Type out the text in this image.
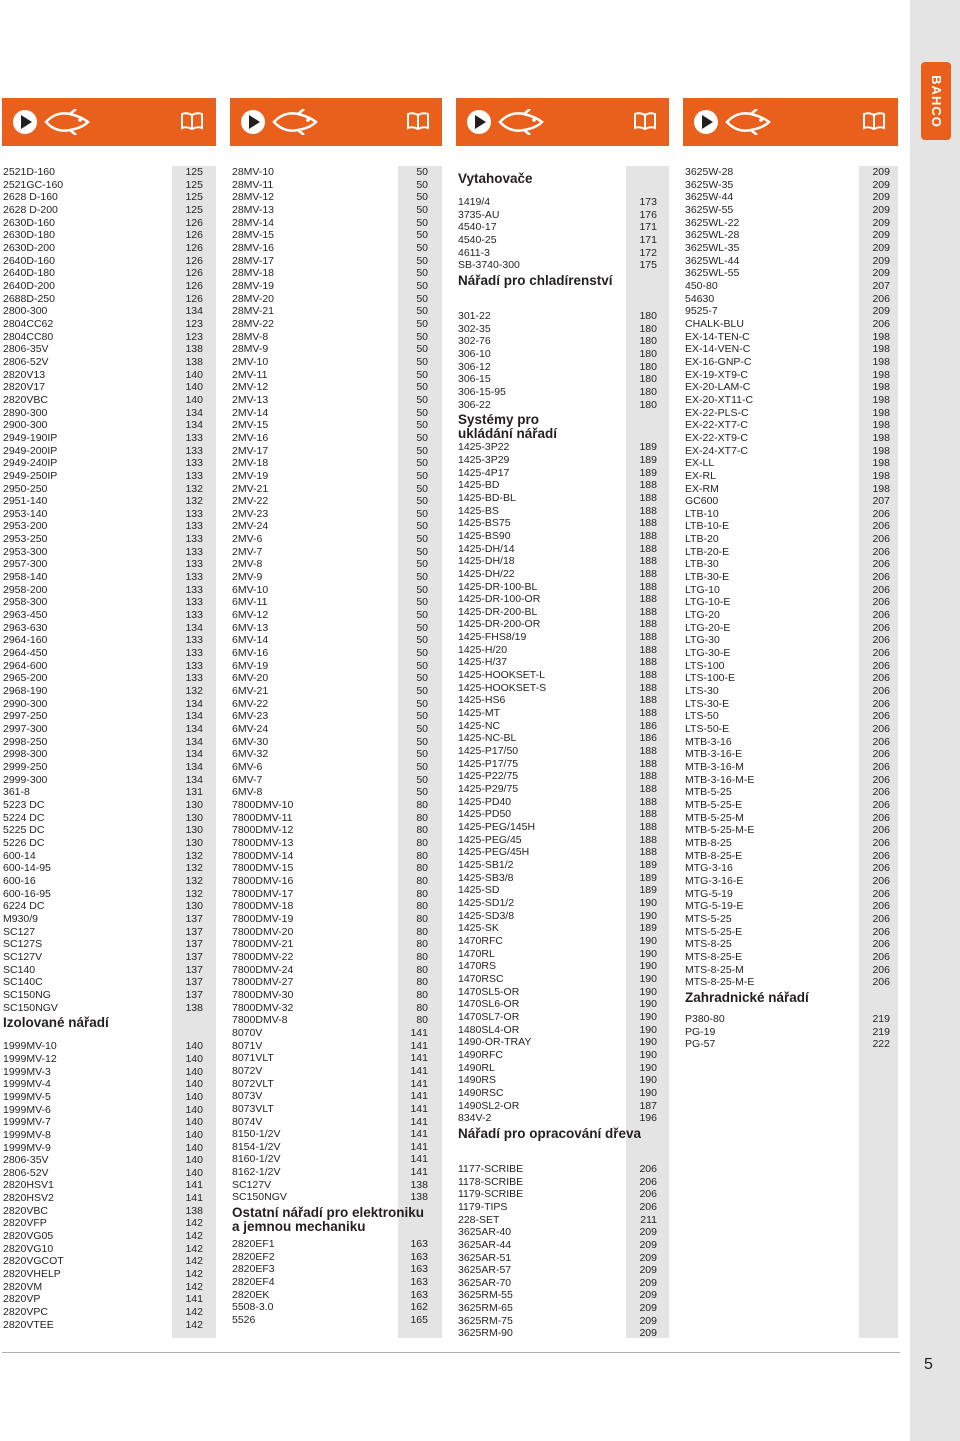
BAHCO
5
2521D-160	125
2521GC-160	125
2628 D-160	125
2628 D-200	125
2630D-160	126
2630D-180	126
2630D-200	126
2640D-160	126
2640D-180	126
2640D-200	126
2688D-250	126
2800-300	134
2804CC62	123
2804CC80	123
2806-35V	138
2806-52V	138
2820V13	140
2820V17	140
2820VBC	140
2890-300	134
2900-300	134
2949-190IP	133
2949-200IP	133
2949-240IP	133
2949-250IP	133
2950-250	132
2951-140	132
2953-140	133
2953-200	133
2953-250	133
2953-300	133
2957-300	133
2958-140	133
2958-200	133
2958-300	133
2963-450	133
2963-630	134
2964-160	133
2964-450	133
2964-600	133
2965-200	133
2968-190	132
2990-300	134
2997-250	134
2997-300	134
2998-250	134
2998-300	134
2999-250	134
2999-300	134
361-8	131
5223 DC	130
5224 DC	130
5225 DC	130
5226 DC	130
600-14	132
600-14-95	132
600-16	132
600-16-95	132
6224 DC	130
M930/9	137
SC127	137
SC127S	137
SC127V	137
SC140	137
SC140C	137
SC150NG	137
SC150NGV	138
Izolované nářadí
1999MV-10	140
1999MV-12	140
1999MV-3	140
1999MV-4	140
1999MV-5	140
1999MV-6	140
1999MV-7	140
1999MV-8	140
1999MV-9	140
2806-35V	140
2806-52V	140
2820HSV1	141
2820HSV2	141
2820VBC	138
2820VFP	142
2820VG05	142
2820VG10	142
2820VGCOT	142
2820VHELP	142
2820VM	142
2820VP	141
2820VPC	142
2820VTEE	142
28MV-10	50
28MV-11	50
28MV-12	50
28MV-13	50
28MV-14	50
28MV-15	50
28MV-16	50
28MV-17	50
28MV-18	50
28MV-19	50
28MV-20	50
28MV-21	50
28MV-22	50
28MV-8	50
28MV-9	50
2MV-10	50
2MV-11	50
2MV-12	50
2MV-13	50
2MV-14	50
2MV-15	50
2MV-16	50
2MV-17	50
2MV-18	50
2MV-19	50
2MV-21	50
2MV-22	50
2MV-23	50
2MV-24	50
2MV-6	50
2MV-7	50
2MV-8	50
2MV-9	50
6MV-10	50
6MV-11	50
6MV-12	50
6MV-13	50
6MV-14	50
6MV-16	50
6MV-19	50
6MV-20	50
6MV-21	50
6MV-22	50
6MV-23	50
6MV-24	50
6MV-30	50
6MV-32	50
6MV-6	50
6MV-7	50
6MV-8	50
7800DMV-10	80
7800DMV-11	80
7800DMV-12	80
7800DMV-13	80
7800DMV-14	80
7800DMV-15	80
7800DMV-16	80
7800DMV-17	80
7800DMV-18	80
7800DMV-19	80
7800DMV-20	80
7800DMV-21	80
7800DMV-22	80
7800DMV-24	80
7800DMV-27	80
7800DMV-30	80
7800DMV-32	80
7800DMV-8	80
8070V	141
8071V	141
8071VLT	141
8072V	141
8072VLT	141
8073V	141
8073VLT	141
8074V	141
8150-1/2V	141
8154-1/2V	141
8160-1/2V	141
8162-1/2V	141
SC127V	138
SC150NGV	138
Ostatní nářadí pro elektroniku a jemnou mechaniku
2820EF1	163
2820EF2	163
2820EF3	163
2820EF4	163
2820EK	163
5508-3.0	162
5526	165
Vytahovače
1419/4	173
3735-AU	176
4540-17	171
4540-25	171
4611-3	172
SB-3740-300	175
Nářadí pro chladírenství
301-22	180
302-35	180
302-76	180
306-10	180
306-12	180
306-15	180
306-15-95	180
306-22	180
Systémy pro ukládání nářadí
1425-3P22	189
1425-3P29	189
1425-4P17	189
1425-BD	188
1425-BD-BL	188
1425-BS	188
1425-BS75	188
1425-BS90	188
1425-DH/14	188
1425-DH/18	188
1425-DH/22	188
1425-DR-100-BL	188
1425-DR-100-OR	188
1425-DR-200-BL	188
1425-DR-200-OR	188
1425-FHS8/19	188
1425-H/20	188
1425-H/37	188
1425-HOOKSET-L	188
1425-HOOKSET-S	188
1425-HS6	188
1425-MT	188
1425-NC	186
1425-NC-BL	186
1425-P17/50	188
1425-P17/75	188
1425-P22/75	188
1425-P29/75	188
1425-PD40	188
1425-PD50	188
1425-PEG/145H	188
1425-PEG/45	188
1425-PEG/45H	188
1425-SB1/2	189
1425-SB3/8	189
1425-SD	189
1425-SD1/2	190
1425-SD3/8	190
1425-SK	189
1470RFC	190
1470RL	190
1470RS	190
1470RSC	190
1470SL5-OR	190
1470SL6-OR	190
1470SL7-OR	190
1480SL4-OR	190
1490-OR-TRAY	190
1490RFC	190
1490RL	190
1490RS	190
1490RSC	190
1490SL2-OR	187
834V-2	196
Nářadí pro opracování dřeva
1177-SCRIBE	206
1178-SCRIBE	206
1179-SCRIBE	206
1179-TIPS	206
228-SET	211
3625AR-40	209
3625AR-44	209
3625AR-51	209
3625AR-57	209
3625AR-70	209
3625RM-55	209
3625RM-65	209
3625RM-75	209
3625RM-90	209
3625W-28	209
3625W-35	209
3625W-44	209
3625W-55	209
3625WL-22	209
3625WL-28	209
3625WL-35	209
3625WL-44	209
3625WL-55	209
450-80	207
54630	206
9525-7	209
CHALK-BLU	206
EX-14-TEN-C	198
EX-14-VEN-C	198
EX-16-GNP-C	198
EX-19-XT9-C	198
EX-20-LAM-C	198
EX-20-XT11-C	198
EX-22-PLS-C	198
EX-22-XT7-C	198
EX-22-XT9-C	198
EX-24-XT7-C	198
EX-LL	198
EX-RL	198
EX-RM	198
GC600	207
LTB-10	206
LTB-10-E	206
LTB-20	206
LTB-20-E	206
LTB-30	206
LTB-30-E	206
LTG-10	206
LTG-10-E	206
LTG-20	206
LTG-20-E	206
LTG-30	206
LTG-30-E	206
LTS-100	206
LTS-100-E	206
LTS-30	206
LTS-30-E	206
LTS-50	206
LTS-50-E	206
MTB-3-16	206
MTB-3-16-E	206
MTB-3-16-M	206
MTB-3-16-M-E	206
MTB-5-25	206
MTB-5-25-E	206
MTB-5-25-M	206
MTB-5-25-M-E	206
MTB-8-25	206
MTB-8-25-E	206
MTG-3-16	206
MTG-3-16-E	206
MTG-5-19	206
MTG-5-19-E	206
MTS-5-25	206
MTS-5-25-E	206
MTS-8-25	206
MTS-8-25-E	206
MTS-8-25-M	206
MTS-8-25-M-E	206
Zahradnické nářadí
P380-80	219
PG-19	219
PG-57	222
